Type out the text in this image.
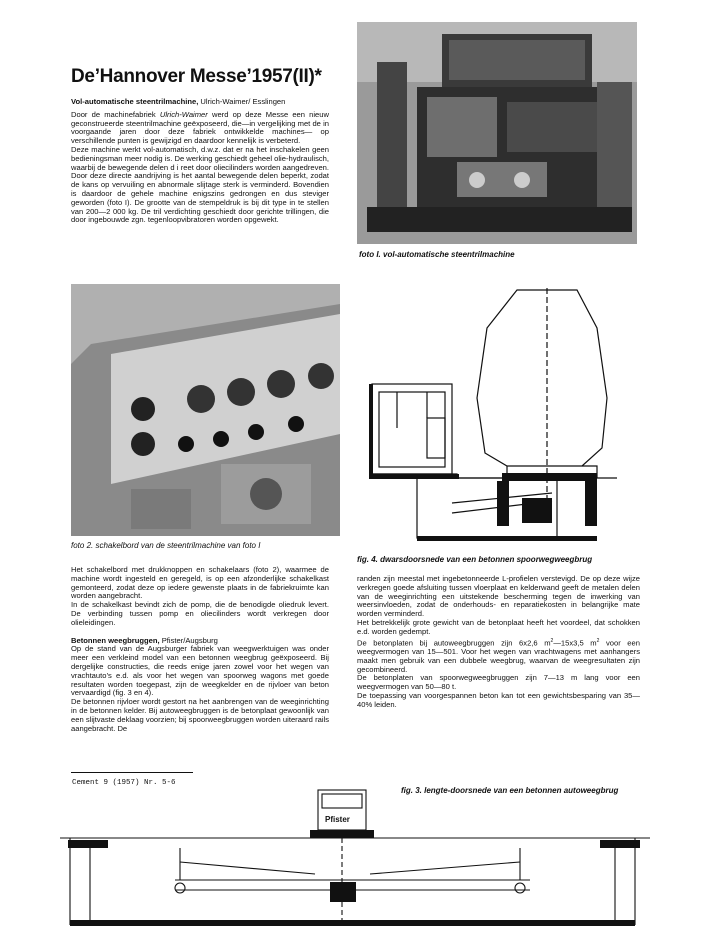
De’Hannover Messe’1957(II)*

Vol-automatische steentrilmachine, Ulrich-Waimer/ Esslingen

Door de machinefabriek Ulrich-Waimer werd op deze Messe een nieuw geconstrueerde steentrilmachine geëxposeerd, die—in vergelijking met de in voorgaande jaren door deze fabriek ontwikkelde machines— op verschillende punten is gewijzigd en daardoor kennelijk is verbeterd.

Deze machine werkt vol-automatisch, d.w.z. dat er na het inschakelen geen bedieningsman meer nodig is. De werking geschiedt geheel olie-hydraulisch, waarbij de bewegende delen d i reet door oliecilinders worden aangedreven. Door deze directe aandrijving is het aantal bewegende delen beperkt, zodat de kans op vervuiling en abnormale slijtage sterk is verminderd. Bovendien is daardoor de gehele machine enigszins gedrongen en dus steviger geworden (foto I). De grootte van de stempeldruk is bij dit type in te stellen van 200—2 000 kg. De tril verdichting geschiedt door gerichte trillingen, die door ingebouwde zgn. tegenloopvibratoren worden opgewekt.

foto I. vol-automatische steentrilmachine
foto 2. schakelbord van de steentrilmachine van foto I
fig. 4. dwarsdoorsnede van een betonnen spoorwegweegbrug

Het schakelbord met drukknoppen en schakelaars (foto 2), waarmee de machine wordt ingesteld en geregeld, is op een afzonderlijke schakelkast gemonteerd, zodat deze op iedere gewenste plaats in de fabriekruimte kan worden aangebracht.

In de schakelkast bevindt zich de pomp, die de benodigde oliedruk levert. De verbinding tussen pomp en oliecilinders wordt verkregen door olieleidingen.

Betonnen weegbruggen, Pfister/Augsburg

Op de stand van de Augsburger fabriek van weegwerktuigen was onder meer een verkleind model van een betonnen weegbrug geëxposeerd. Bij dergelijke constructies, die reeds enige jaren zowel voor het wegen van vrachtauto’s e.d. als voor het wegen van spoorweg wagons met goede resultaten worden toegepast, zijn de weegkelder en de rijvloer van beton vervaardigd (fig. 3 en 4).

De betonnen rijvloer wordt gestort na het aanbrengen van de weeginrichting in de betonnen kelder. Bij autoweegbruggen is de betonplaat gewoonlijk van een slijtvaste deklaag voorzien; bij spoorweegbruggen worden uiteraard rails aangebracht. De

randen zijn meestal met ingebetonneerde L-profielen verstevigd. De op deze wijze verkregen goede afsluiting tussen vloerplaat en kelderwand geeft de metalen delen van de weeginrichting een uitstekende bescherming tegen de inwerking van weersinvloeden, zodat de onderhouds- en reparatiekosten in belangrijke mate worden verminderd.

Het betrekkelijk grote gewicht van de betonplaat heeft het voordeel, dat schokken e.d. worden gedempt.

De betonplaten bij autoweegbruggen zijn 6x2,6 $m^2—15x3,5$ $m^2$ voor een weegvermogen van 15—501. Voor het wegen van vrachtwagens met aanhangers maakt men gebruik van een dubbele weegbrug, waarvan de weegresultaten zijn gecombineerd.

De betonplaten van spoorwegweegbruggen zijn 7—13 m lang voor een weegvermogen van 50—80 t.

De toepassing van voorgespannen beton kan tot een gewichtsbesparing van 35—40% leiden.

Cement 9 (1957) Nr. 5-6
fig. 3. lengte-doorsnede van een betonnen autoweegbrug
Pfister
